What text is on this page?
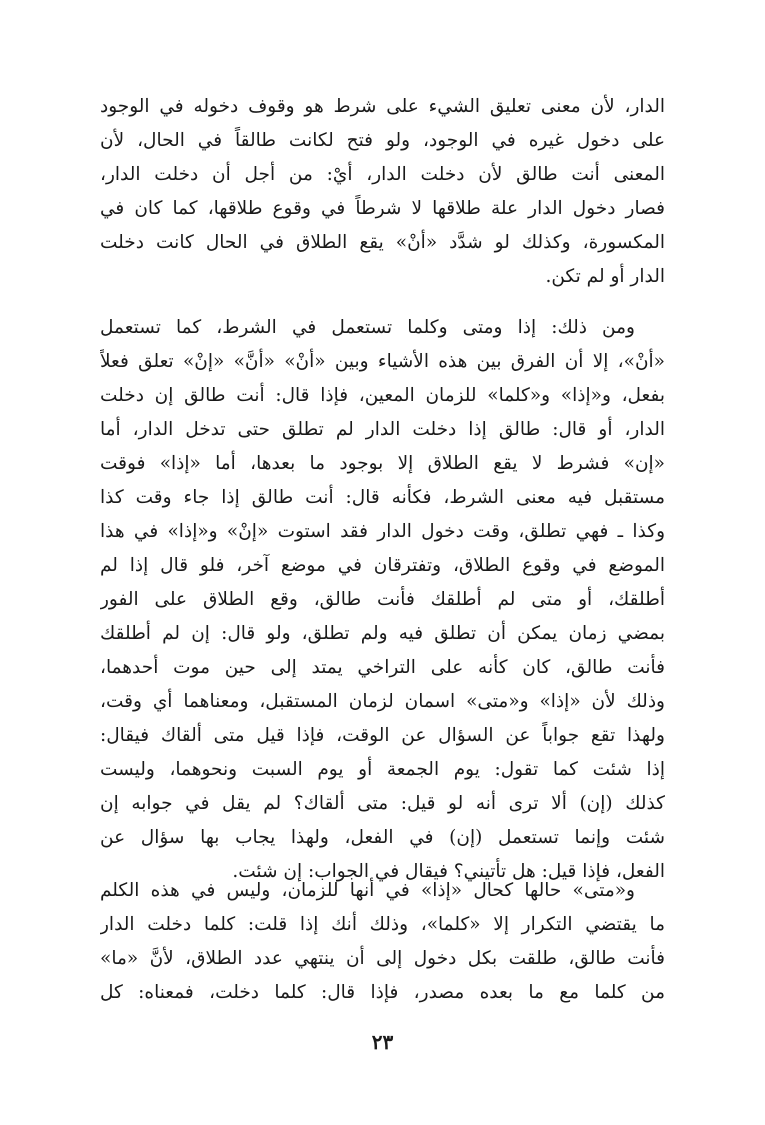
الدار، لأن معنى تعليق الشيء على شرط هو وقوف دخوله في الوجود
على دخول غيره في الوجود، ولو فتح لكانت طالقاً في الحال، لأن
المعنى أنت طالق لأن دخلت الدار، أيْ: من أجل أن دخلت الدار،
فصار دخول الدار علة طلاقها لا شرطاً في وقوع طلاقها، كما كان في
المكسورة، وكذلك لو شدَّد «أنْ» يقع الطلاق في الحال كانت دخلت
الدار أو لم تكن.
ومن ذلك: إذا ومتى وكلما تستعمل في الشرط، كما تستعمل
«أنْ»، إلا أن الفرق بين هذه الأشياء وبين «أنْ» «أنَّ» «إنْ» تعلق فعلاً
بفعل، و«إذا» و«كلما» للزمان المعين، فإذا قال: أنت طالق إن دخلت
الدار، أو قال: طالق إذا دخلت الدار لم تطلق حتى تدخل الدار، أما
«إن» فشرط لا يقع الطلاق إلا بوجود ما بعدها، أما «إذا» فوقت
مستقبل فيه معنى الشرط، فكأنه قال: أنت طالق إذا جاء وقت كذا
وكذا ـ فهي تطلق، وقت دخول الدار فقد استوت «إنْ» و«إذا» في هذا
الموضع في وقوع الطلاق، وتفترقان في موضع آخر، فلو قال إذا لم
أطلقك، أو متى لم أطلقك فأنت طالق، وقع الطلاق على الفور
بمضي زمان يمكن أن تطلق فيه ولم تطلق، ولو قال: إن لم أطلقك
فأنت طالق، كان كأنه على التراخي يمتد إلى حين موت أحدهما،
وذلك لأن «إذا» و«متى» اسمان لزمان المستقبل، ومعناهما أي وقت،
ولهذا تقع جواباً عن السؤال عن الوقت، فإذا قيل متى ألقاك فيقال:
إذا شئت كما تقول: يوم الجمعة أو يوم السبت ونحوهما، وليست
كذلك (إن) ألا ترى أنه لو قيل: متى ألقاك؟ لم يقل في جوابه إن
شئت وإنما تستعمل (إن) في الفعل، ولهذا يجاب بها سؤال عن
الفعل، فإذا قيل: هل تأتيني؟ فيقال في الجواب: إن شئت.
و«متى» حالها كحال «إذا» في أنها للزمان، وليس في هذه الكلم
ما يقتضي التكرار إلا «كلما»، وذلك أنك إذا قلت: كلما دخلت الدار
فأنت طالق، طلقت بكل دخول إلى أن ينتهي عدد الطلاق، لأنَّ «ما»
من كلما مع ما بعده مصدر، فإذا قال: كلما دخلت، فمعناه: كل
٢٣
